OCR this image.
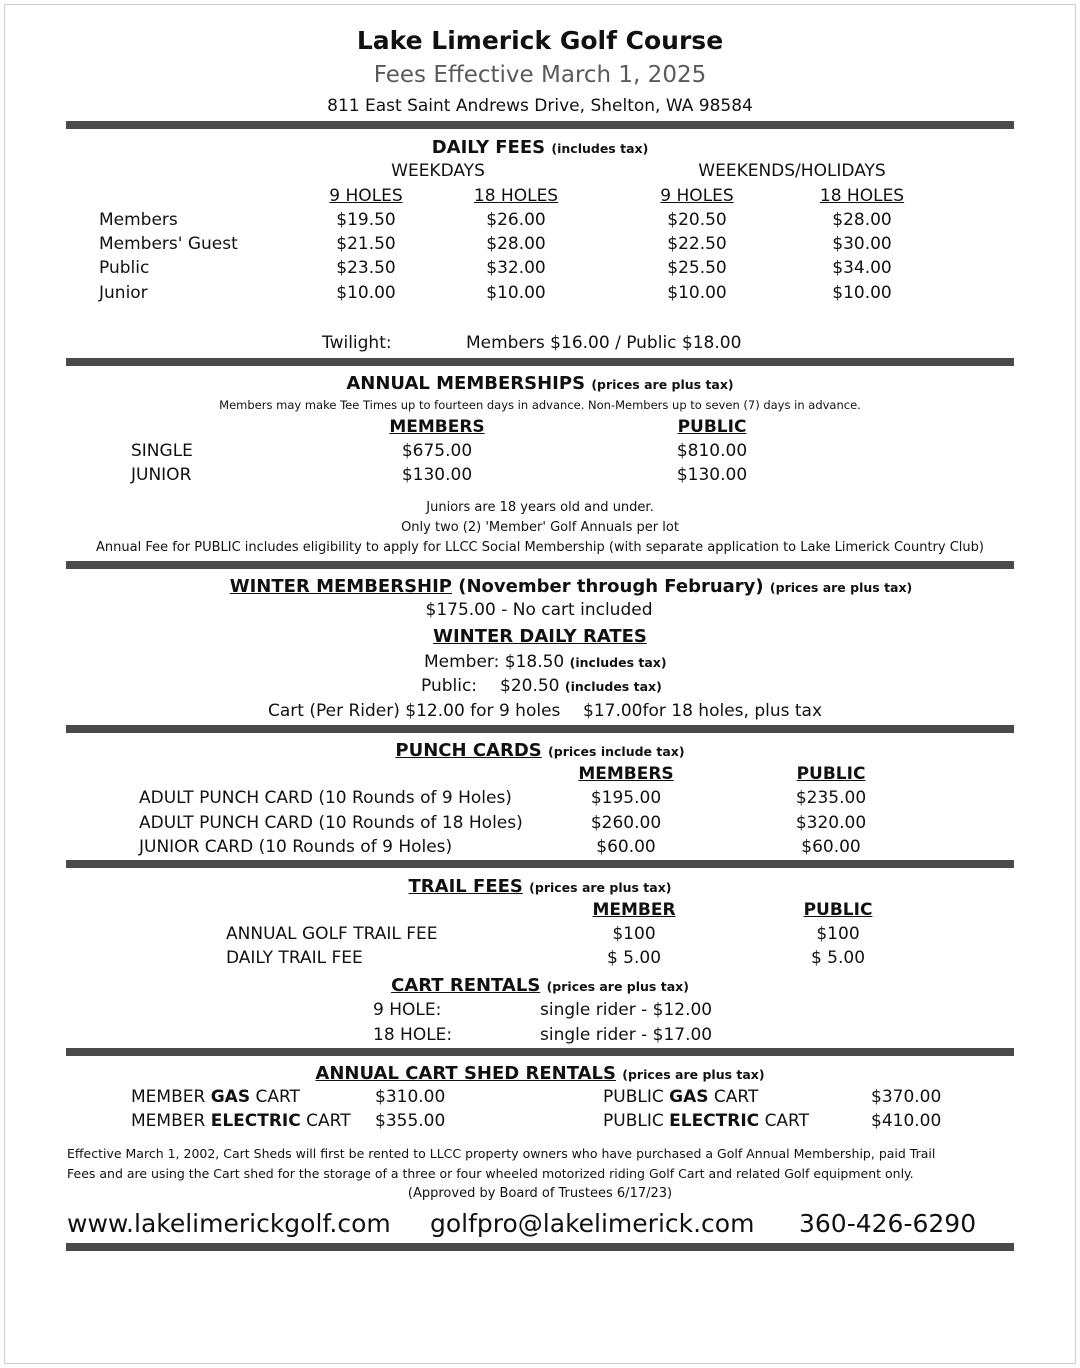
Lake Limerick Golf Course
Fees Effective March 1, 2025
811 East Saint Andrews Drive, Shelton, WA 98584
DAILY FEES (includes tax)
WEEKDAYS	WEEKENDS/HOLIDAYS
9 HOLES	18 HOLES	9 HOLES	18 HOLES
Members	$19.50	$26.00	$20.50	$28.00
Members' Guest	$21.50	$28.00	$22.50	$30.00
Public	$23.50	$32.00	$25.50	$34.00
Junior	$10.00	$10.00	$10.00	$10.00
Twilight:	Members $16.00 / Public $18.00
ANNUAL MEMBERSHIPS (prices are plus tax)
Members may make Tee Times up to fourteen days in advance. Non-Members up to seven (7) days in advance.
MEMBERS	PUBLIC
SINGLE	$675.00	$810.00
JUNIOR	$130.00	$130.00
Juniors are 18 years old and under.
Only two (2) 'Member' Golf Annuals per lot
Annual Fee for PUBLIC includes eligibility to apply for LLCC Social Membership (with separate application to Lake Limerick Country Club)
WINTER MEMBERSHIP (November through February) (prices are plus tax)
$175.00 - No cart included
WINTER DAILY RATES
Member: $18.50 (includes tax)
Public: $20.50 (includes tax)
Cart (Per Rider) $12.00 for 9 holes $17.00for 18 holes, plus tax
PUNCH CARDS (prices include tax)
MEMBERS	PUBLIC
ADULT PUNCH CARD (10 Rounds of 9 Holes)	$195.00	$235.00
ADULT PUNCH CARD (10 Rounds of 18 Holes)	$260.00	$320.00
JUNIOR CARD (10 Rounds of 9 Holes)	$60.00	$60.00
TRAIL FEES (prices are plus tax)
MEMBER	PUBLIC
ANNUAL GOLF TRAIL FEE	$100	$100
DAILY TRAIL FEE	$ 5.00	$ 5.00
CART RENTALS (prices are plus tax)
9 HOLE:	single rider - $12.00
18 HOLE:	single rider - $17.00
ANNUAL CART SHED RENTALS (prices are plus tax)
MEMBER GAS CART	$310.00	PUBLIC GAS CART	$370.00
MEMBER ELECTRIC CART $355.00	PUBLIC ELECTRIC CART	$410.00
Effective March 1, 2002, Cart Sheds will first be rented to LLCC property owners who have purchased a Golf Annual Membership, paid Trail
Fees and are using the Cart shed for the storage of a three or four wheeled motorized riding Golf Cart and related Golf equipment only.
(Approved by Board of Trustees 6/17/23)
www.lakelimerickgolf.com golfpro@lakelimerick.com 360-426-6290
